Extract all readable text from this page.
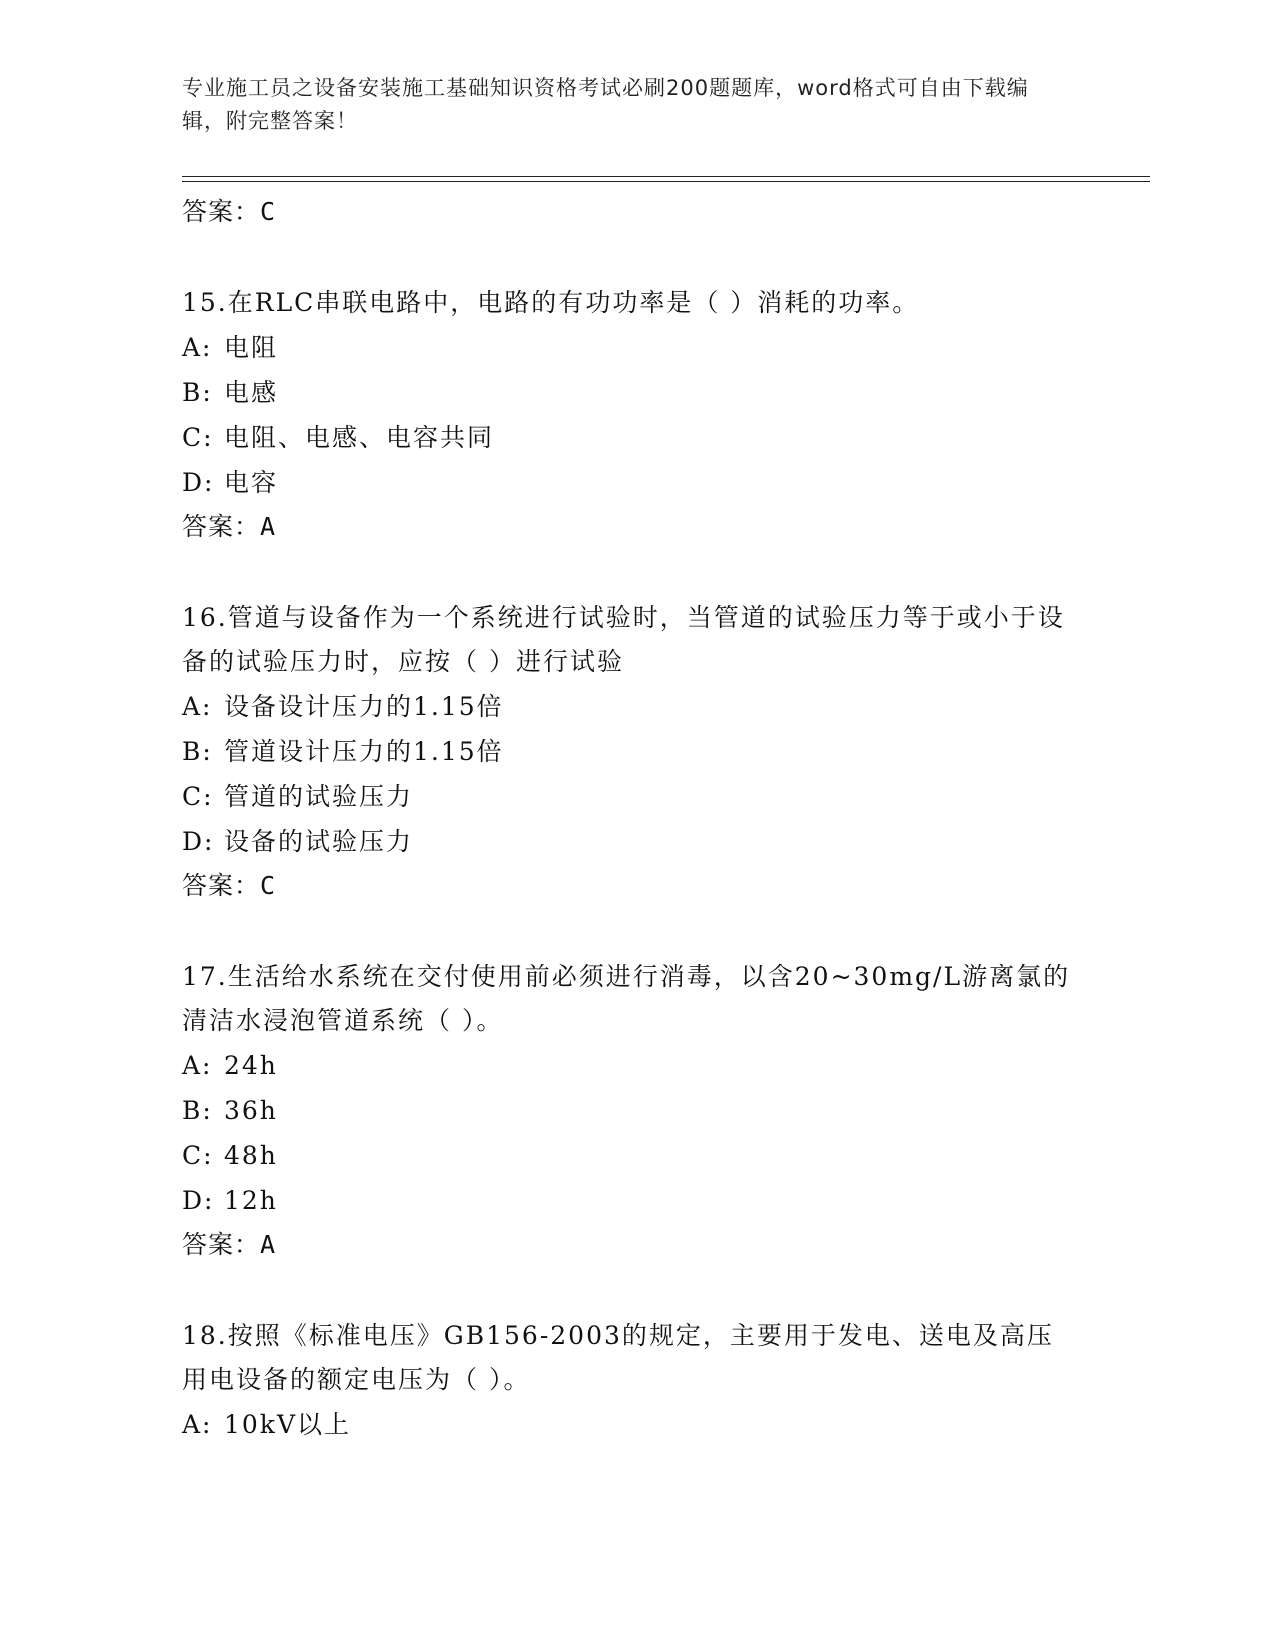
专业施工员之设备安装施工基础知识资格考试必刷200题题库，word格式可自由下载编辑，附完整答案！
答案：C
15.在RLC串联电路中，电路的有功功率是（ ）消耗的功率。
A: 电阻
B: 电感
C: 电阻、电感、电容共同
D: 电容
答案：A
16.管道与设备作为一个系统进行试验时，当管道的试验压力等于或小于设备的试验压力时，应按（ ）进行试验
A: 设备设计压力的1.15倍
B: 管道设计压力的1.15倍
C: 管道的试验压力
D: 设备的试验压力
答案：C
17.生活给水系统在交付使用前必须进行消毒，以含20~30mg/L游离氯的清洁水浸泡管道系统（ ）。
A: 24h
B: 36h
C: 48h
D: 12h
答案：A
18.按照《标准电压》GB156-2003的规定，主要用于发电、送电及高压用电设备的额定电压为（ ）。
A: 10kV以上
